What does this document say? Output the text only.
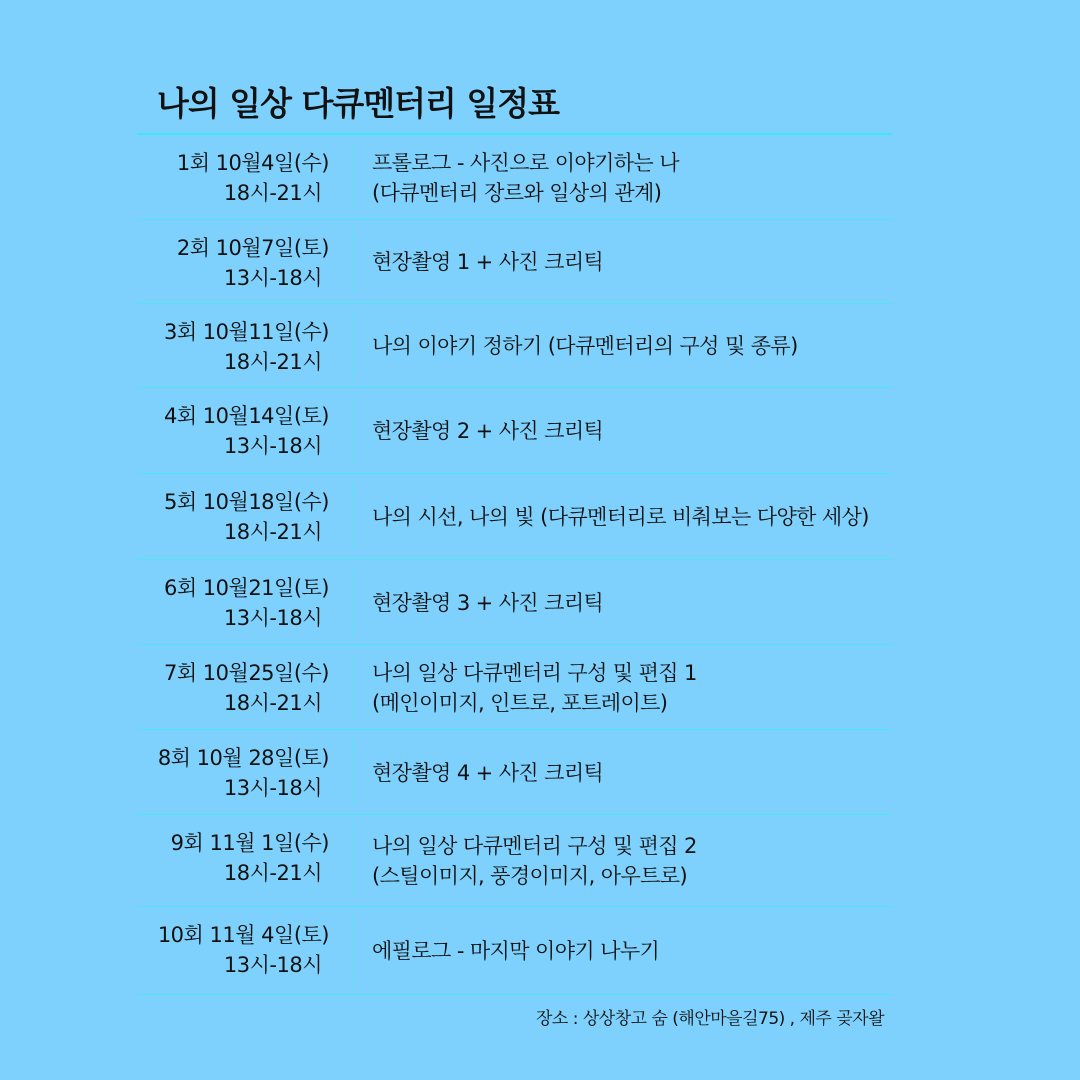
나의 일상 다큐멘터리 일정표
1회 10월4일(수)
18시-21시
프롤로그 - 사진으로 이야기하는 나
(다큐멘터리 장르와 일상의 관계)
2회 10월7일(토)
13시-18시
현장촬영 1 + 사진 크리틱
3회 10월11일(수)
18시-21시
나의 이야기 정하기 (다큐멘터리의 구성 및 종류)
4회 10월14일(토)
13시-18시
현장촬영 2 + 사진 크리틱
5회 10월18일(수)
18시-21시
나의 시선, 나의 빛 (다큐멘터리로 비춰보는 다양한 세상)
6회 10월21일(토)
13시-18시
현장촬영 3 + 사진 크리틱
7회 10월25일(수)
18시-21시
나의 일상 다큐멘터리 구성 및 편집 1
(메인이미지, 인트로, 포트레이트)
8회 10월 28일(토)
13시-18시
현장촬영 4 + 사진 크리틱
9회 11월 1일(수)
18시-21시
나의 일상 다큐멘터리 구성 및 편집 2
(스틸이미지, 풍경이미지, 아우트로)
10회 11월 4일(토)
13시-18시
에필로그 - 마지막 이야기 나누기
장소 : 상상창고 숨 (해안마을길75) , 제주 곶자왈
